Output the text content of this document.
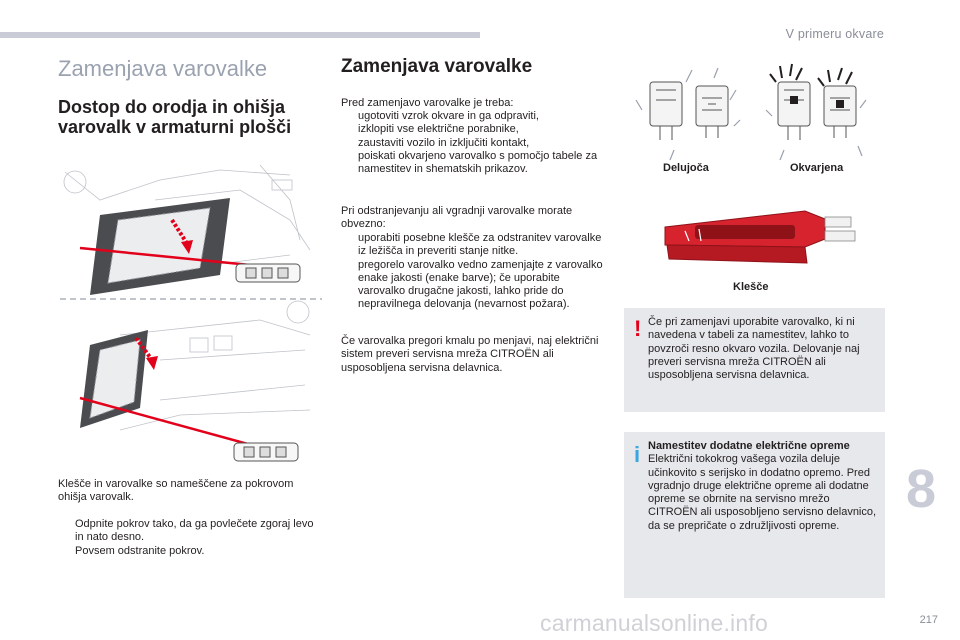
V primeru okvare
Zamenjava varovalke
Dostop do orodja in ohišja varovalk v armaturni plošči
Klešče in varovalke so nameščene za pokrovom ohišja varovalk.
Odpnite pokrov tako, da ga povlečete zgoraj levo in nato desno.
Povsem odstranite pokrov.
Zamenjava varovalke
Pred zamenjavo varovalke je treba:
ugotoviti vzrok okvare in ga odpraviti,
izklopiti vse električne porabnike,
zaustaviti vozilo in izključiti kontakt,
poiskati okvarjeno varovalko s pomočjo tabele za namestitev in shematskih prikazov.
Pri odstranjevanju ali vgradnji varovalke morate obvezno:
uporabiti posebne klešče za odstranitev varovalke iz ležišča in preveriti stanje nitke.
pregorelo varovalko vedno zamenjajte z varovalko enake jakosti (enake barve); če uporabite varovalko drugačne jakosti, lahko pride do nepravilnega delovanja (nevarnost požara).
Če varovalka pregori kmalu po menjavi, naj električni sistem preveri servisna mreža CITROËN ali usposobljena servisna delavnica.
Delujoča	Okvarjena
Klešče
! Če pri zamenjavi uporabite varovalko, ki ni navedena v tabeli za namestitev, lahko to povzroči resno okvaro vozila. Delovanje naj preveri servisna mreža CITROËN ali usposobljena servisna delavnica.
i Namestitev dodatne električne opreme
Električni tokokrog vašega vozila deluje učinkovito s serijsko in dodatno opremo. Pred vgradnjo druge električne opreme ali dodatne opreme se obrnite na servisno mrežo CITROËN ali usposobljeno servisno delavnico, da se prepričate o združljivosti opreme.
8
carmanualsonline.info	217
